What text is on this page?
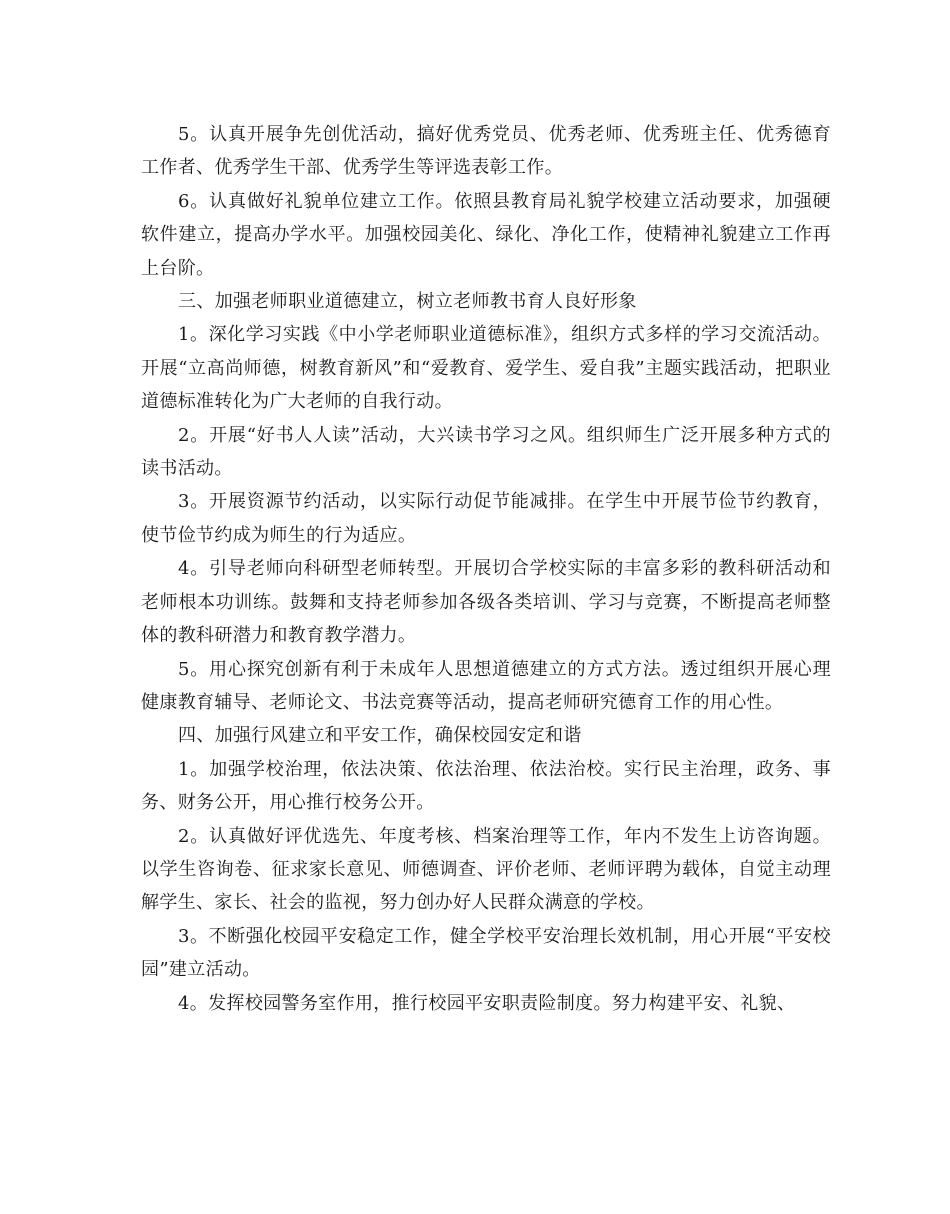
5。认真开展争先创优活动，搞好优秀党员、优秀老师、优秀班主任、优秀德育工作者、优秀学生干部、优秀学生等评选表彰工作。

6。认真做好礼貌单位建立工作。依照县教育局礼貌学校建立活动要求，加强硬软件建立，提高办学水平。加强校园美化、绿化、净化工作，使精神礼貌建立工作再上台阶。

三、加强老师职业道德建立，树立老师教书育人良好形象

1。深化学习实践《中小学老师职业道德标准》，组织方式多样的学习交流活动。开展“立高尚师德，树教育新风”和“爱教育、爱学生、爱自我”主题实践活动，把职业道德标准转化为广大老师的自我行动。

2。开展“好书人人读”活动，大兴读书学习之风。组织师生广泛开展多种方式的读书活动。

3。开展资源节约活动，以实际行动促节能减排。在学生中开展节俭节约教育，使节俭节约成为师生的行为适应。

4。引导老师向科研型老师转型。开展切合学校实际的丰富多彩的教科研活动和老师根本功训练。鼓舞和支持老师参加各级各类培训、学习与竞赛，不断提高老师整体的教科研潜力和教育教学潜力。

5。用心探究创新有利于未成年人思想道德建立的方式方法。透过组织开展心理健康教育辅导、老师论文、书法竞赛等活动，提高老师研究德育工作的用心性。

四、加强行风建立和平安工作，确保校园安定和谐

1。加强学校治理，依法决策、依法治理、依法治校。实行民主治理，政务、事务、财务公开，用心推行校务公开。

2。认真做好评优选先、年度考核、档案治理等工作，年内不发生上访咨询题。以学生咨询卷、征求家长意见、师德调查、评价老师、老师评聘为载体，自觉主动理解学生、家长、社会的监视，努力创办好人民群众满意的学校。

3。不断强化校园平安稳定工作，健全学校平安治理长效机制，用心开展“平安校园”建立活动。

4。发挥校园警务室作用，推行校园平安职责险制度。努力构建平安、礼貌、
